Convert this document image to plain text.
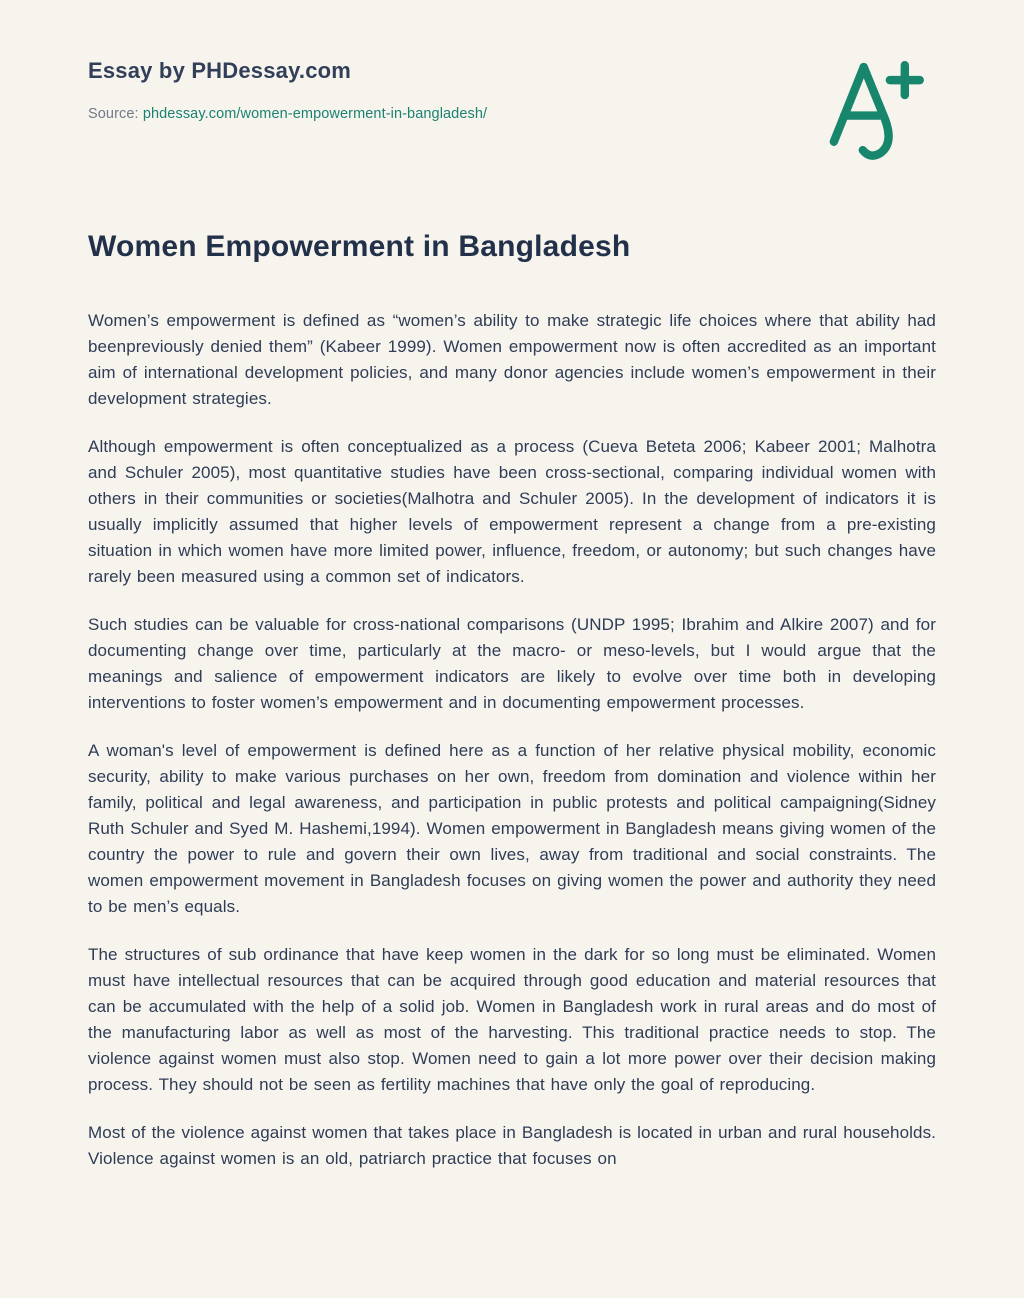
Essay by PHDessay.com
Source: phdessay.com/women-empowerment-in-bangladesh/
Women Empowerment in Bangladesh

Women’s empowerment is defined as “women’s ability to make strategic life choices where that ability had beenpreviously denied them” (Kabeer 1999). Women empowerment now is often accredited as an important aim of international development policies, and many donor agencies include women’s empowerment in their development strategies.

Although empowerment is often conceptualized as a process (Cueva Beteta 2006; Kabeer 2001; Malhotra and Schuler 2005), most quantitative studies have been cross-sectional, comparing individual women with others in their communities or societies(Malhotra and Schuler 2005). In the development of indicators it is usually implicitly assumed that higher levels of empowerment represent a change from a pre-existing situation in which women have more limited power, influence, freedom, or autonomy; but such changes have rarely been measured using a common set of indicators.

Such studies can be valuable for cross-national comparisons (UNDP 1995; Ibrahim and Alkire 2007) and for documenting change over time, particularly at the macro- or meso-levels, but I would argue that the meanings and salience of empowerment indicators are likely to evolve over time both in developing interventions to foster women’s empowerment and in documenting empowerment processes.

A woman's level of empowerment is defined here as a function of her relative physical mobility, economic security, ability to make various purchases on her own, freedom from domination and violence within her family, political and legal awareness, and participation in public protests and political campaigning(Sidney Ruth Schuler and Syed M. Hashemi,1994). Women empowerment in Bangladesh means giving women of the country the power to rule and govern their own lives, away from traditional and social constraints. The women empowerment movement in Bangladesh focuses on giving women the power and authority they need to be men’s equals.

The structures of sub ordinance that have keep women in the dark for so long must be eliminated. Women must have intellectual resources that can be acquired through good education and material resources that can be accumulated with the help of a solid job. Women in Bangladesh work in rural areas and do most of the manufacturing labor as well as most of the harvesting. This traditional practice needs to stop. The violence against women must also stop. Women need to gain a lot more power over their decision making process. They should not be seen as fertility machines that have only the goal of reproducing.

Most of the violence against women that takes place in Bangladesh is located in urban and rural households. Violence against women is an old, patriarch practice that focuses on
